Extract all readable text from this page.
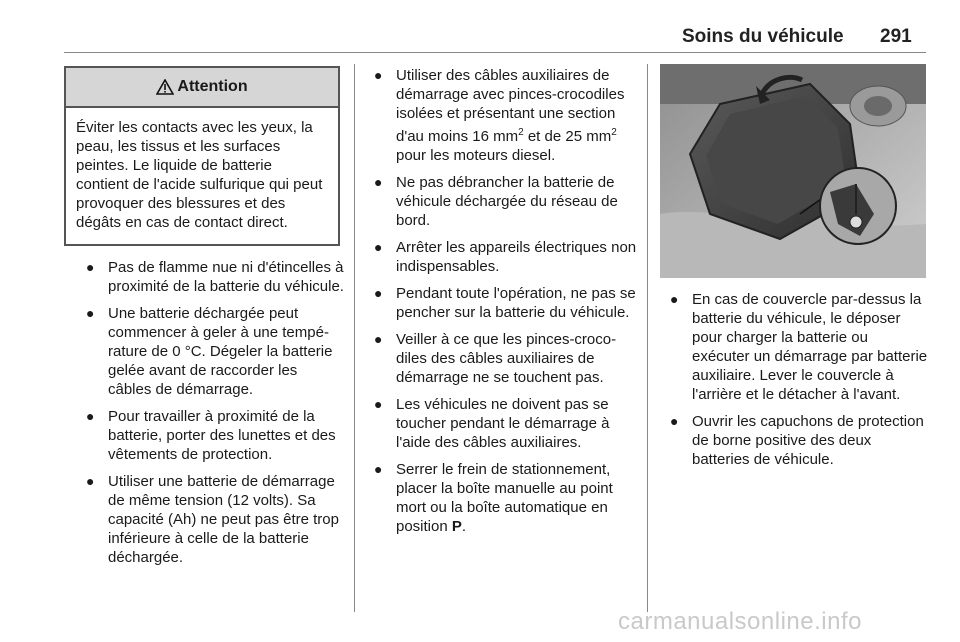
Soins du véhicule 291
Attention
Éviter les contacts avec les yeux, la peau, les tissus et les surfaces peintes. Le liquide de batterie contient de l'acide sulfurique qui peut provoquer des blessures et des dégâts en cas de contact direct.
● Pas de flamme nue ni d'étincelles à proximité de la batterie du véhicule.
● Une batterie déchargée peut commencer à geler à une température de 0 °C. Dégeler la batterie gelée avant de raccorder les câbles de démarrage.
● Pour travailler à proximité de la batterie, porter des lunettes et des vêtements de protection.
● Utiliser une batterie de démarrage de même tension (12 volts). Sa capacité (Ah) ne peut pas être trop inférieure à celle de la batterie déchargée.
● Utiliser des câbles auxiliaires de démarrage avec pinces-crocodiles isolées et présentant une section d'au moins 16 $mm^2$ et de 25 $mm^2$ pour les moteurs diesel.
● Ne pas débrancher la batterie de véhicule déchargée du réseau de bord.
● Arrêter les appareils électriques non indispensables.
● Pendant toute l'opération, ne pas se pencher sur la batterie du véhicule.
● Veiller à ce que les pinces-crocodiles des câbles auxiliaires de démarrage ne se touchent pas.
● Les véhicules ne doivent pas se toucher pendant le démarrage à l'aide des câbles auxiliaires.
● Serrer le frein de stationnement, placer la boîte manuelle au point mort ou la boîte automatique en position P.
● En cas de couvercle par-dessus la batterie du véhicule, le déposer pour charger la batterie ou exécuter un démarrage par batterie auxiliaire. Lever le couvercle à l'arrière et le détacher à l'avant.
● Ouvrir les capuchons de protection de borne positive des deux batteries de véhicule.
carmanualsonline.info
